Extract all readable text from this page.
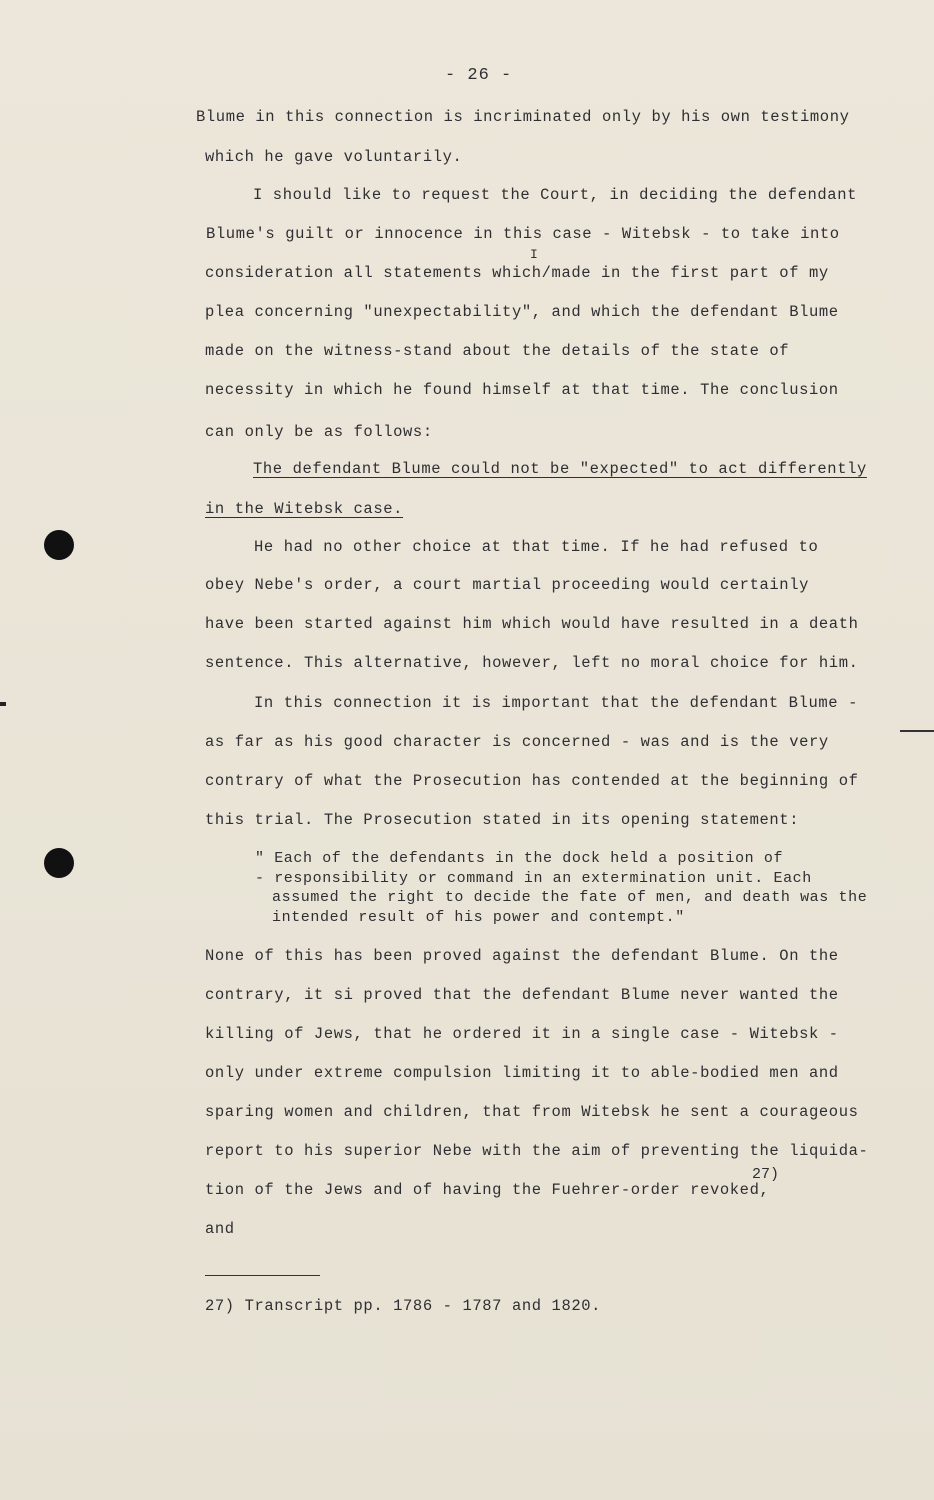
- 26 -
Blume in this connection is incriminated only by his own testimony
which he gave voluntarily.
I should like to request the Court, in deciding the defendant
Blume's guilt or innocence in this case - Witebsk - to take into
I
consideration all statements which/made in the first part of my
plea concerning "unexpectability", and which the defendant Blume
made on the witness-stand about the details of the state of
necessity in which he found himself at that time. The conclusion
can only be as follows:
The defendant Blume could not be "expected" to act differently
in the Witebsk case.
He had no other choice at that time. If he had refused to
obey Nebe's order, a court martial proceeding would certainly
have been started against him which would have resulted in a death
sentence. This alternative, however, left no moral choice for him.
In this connection it is important that the defendant Blume -
as far as his good character is concerned - was and is the very
contrary of what the Prosecution has contended at the beginning of
this trial. The Prosecution stated in its opening statement:
" Each of the defendants in the dock held a position of
- responsibility or command in an extermination unit. Each
assumed the right to decide the fate of men, and death was the
intended result of his power and contempt."
None of this has been proved against the defendant Blume. On the
contrary, it si proved that the defendant Blume never wanted the
killing of Jews, that he ordered it in a single case - Witebsk -
only under extreme compulsion limiting it to able-bodied men and
sparing women and children, that from Witebsk he sent a courageous
report to his superior Nebe with the aim of preventing the liquida-
tion of the Jews and of having the Fuehrer-order revoked,
27)
and
27) Transcript pp. 1786 - 1787 and 1820.
